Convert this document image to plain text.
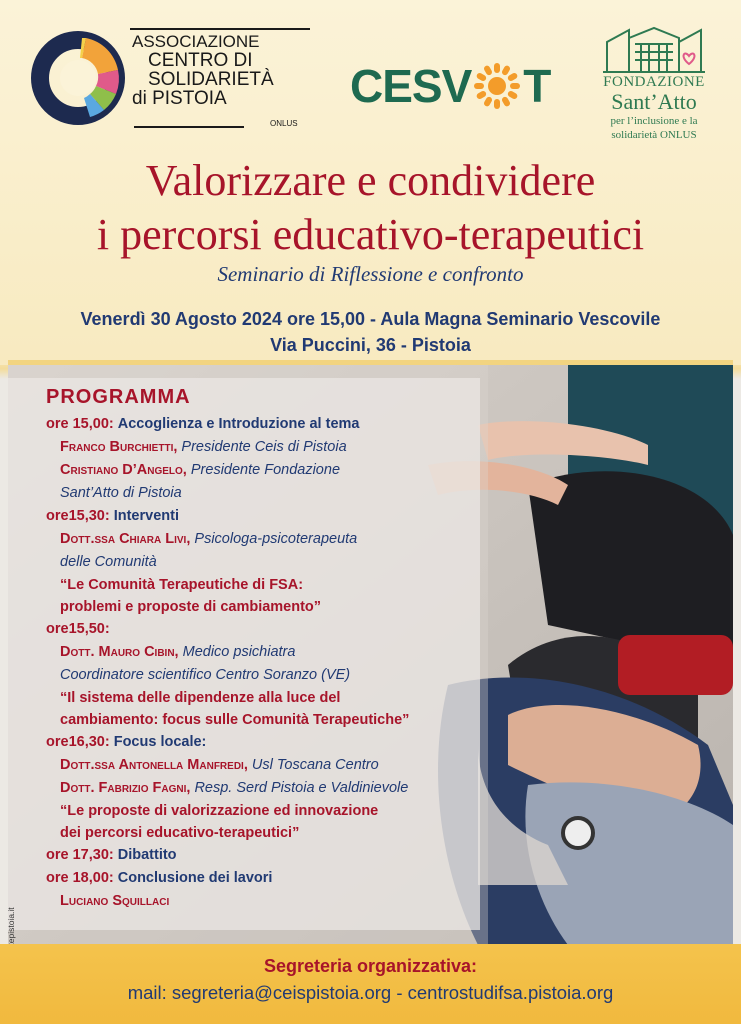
ASSOCIAZIONE
CENTRO DI
SOLIDARIETÀ
di PISTOIA
ONLUS
CESV T	FONDAZIONE
Sant’Atto
per l’inclusione e la
solidarietà ONLUS
Valorizzare e condividere
i percorsi educativo-terapeutici
Seminario di Riflessione e confronto
Venerdì 30 Agosto 2024 ore 15,00 - Aula Magna Seminario Vescovile
Via Puccini, 36 - Pistoia
PROGRAMMA
ore 15,00: Accoglienza e Introduzione al tema
Franco Burchietti, Presidente Ceis di Pistoia
Cristiano D’Angelo, Presidente Fondazione
Sant’Atto di Pistoia
ore15,30: Interventi
Dott.ssa Chiara Livi, Psicologa-psicoterapeuta
delle Comunità
“Le Comunità Terapeutiche di FSA:
problemi e proposte di cambiamento”
ore15,50:
Dott. Mauro Cibin, Medico psichiatra
Coordinatore scientifico Centro Soranzo (VE)
“Il sistema delle dipendenze alla luce del
cambiamento: focus sulle Comunità Terapeutiche”
ore16,30: Focus locale:
Dott.ssa Antonella Manfredi, Usl Toscana Centro
Dott. Fabrizio Fagni, Resp. Serd Pistoia e Valdinievole
“Le proposte di valorizzazione ed innovazione
dei percorsi educativo-terapeutici”
ore 17,30: Dibattito
ore 18,00: Conclusione dei lavori
Luciano Squillaci
Segreteria organizzativa:
mail: segreteria@ceispistoia.org - centrostudifsa.pistoia.org
